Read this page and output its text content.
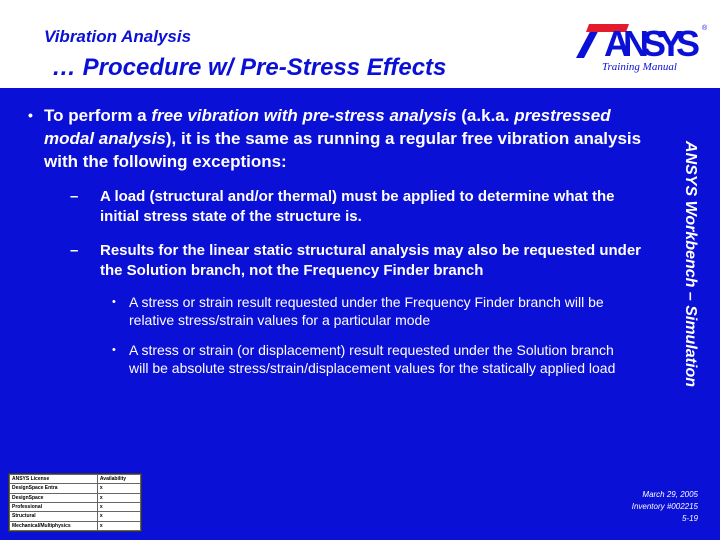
Vibration Analysis
… Procedure w/ Pre-Stress Effects
ANSYS ®
Training Manual
ANSYS Workbench – Simulation
• To perform a free vibration with pre-stress analysis (a.k.a. prestressed modal analysis), it is the same as running a regular free vibration analysis with the following exceptions:
–	A load (structural and/or thermal) must be applied to determine what the initial stress state of the structure is.
–	Results for the linear static structural analysis may also be requested under the Solution branch, not the Frequency Finder branch
• A stress or strain result requested under the Frequency Finder branch will be relative stress/strain values for a particular mode
• A stress or strain (or displacement) result requested under the Solution branch will be absolute stress/strain/displacement values for the statically applied load
ANSYS License	Availability
DesignSpace Entra	x
DesignSpace	x
Professional	x
Structural	x
Mechanical/Multiphysics	x
March 29, 2005
Inventory #002215
5-19
